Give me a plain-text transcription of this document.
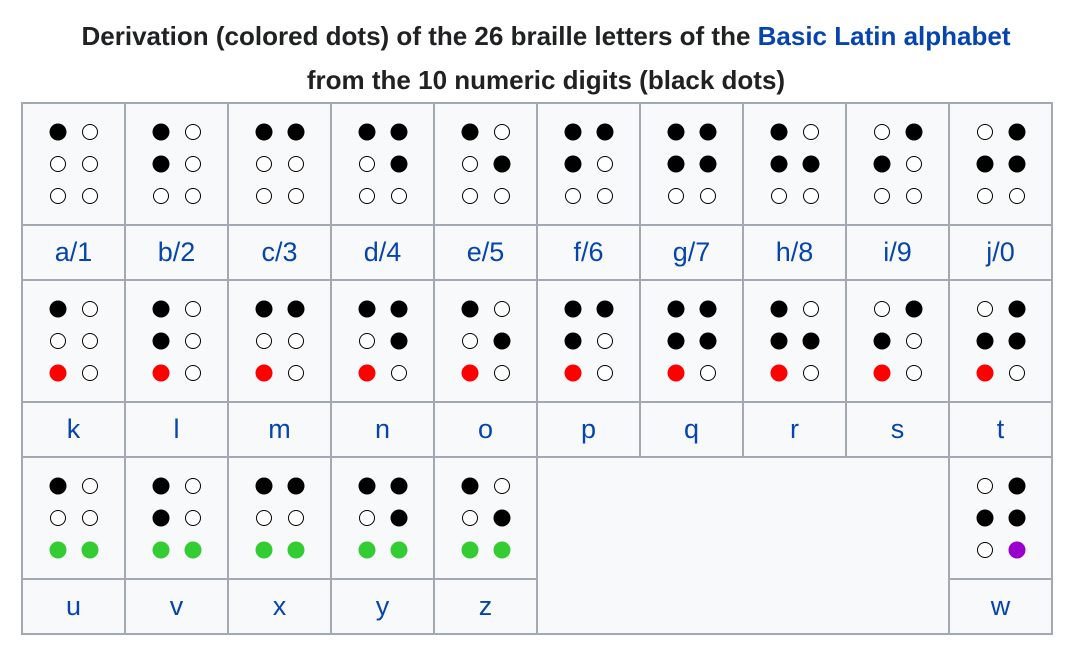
Derivation (colored dots) of the 26 braille letters of the Basic Latin alphabet
from the 10 numeric digits (black dots)

a/1	b/2	c/3	d/4	e/5	f/6	g/7	h/8	i/9	j/0

k	l	m	n	o	p	q	r	s	t

u	v	x	y	z					w
